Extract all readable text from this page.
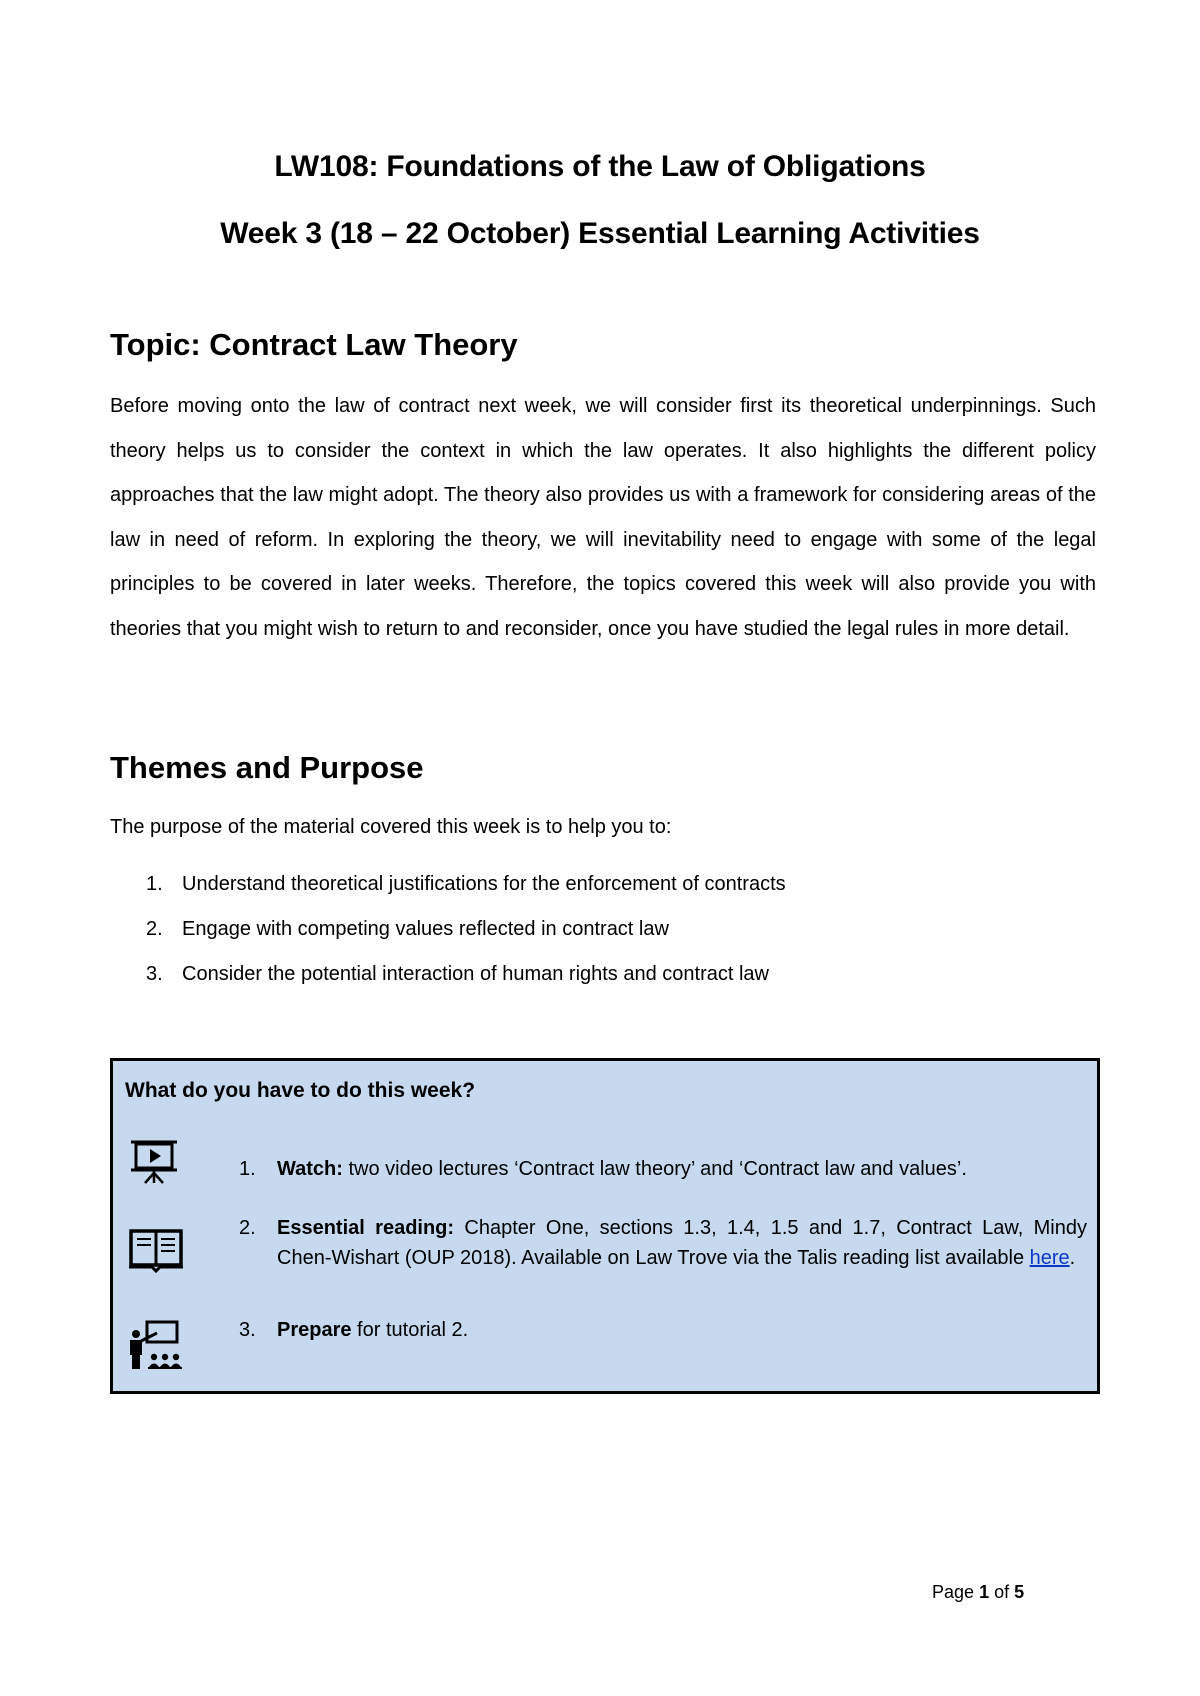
LW108: Foundations of the Law of Obligations
Week 3 (18 – 22 October) Essential Learning Activities
Topic: Contract Law Theory
Before moving onto the law of contract next week, we will consider first its theoretical underpinnings. Such theory helps us to consider the context in which the law operates. It also highlights the different policy approaches that the law might adopt. The theory also provides us with a framework for considering areas of the law in need of reform. In exploring the theory, we will inevitability need to engage with some of the legal principles to be covered in later weeks. Therefore, the topics covered this week will also provide you with theories that you might wish to return to and reconsider, once you have studied the legal rules in more detail.
Themes and Purpose
The purpose of the material covered this week is to help you to:
1. Understand theoretical justifications for the enforcement of contracts
2. Engage with competing values reflected in contract law
3. Consider the potential interaction of human rights and contract law
What do you have to do this week?
1. Watch: two video lectures ‘Contract law theory’ and ‘Contract law and values’.
2. Essential reading: Chapter One, sections 1.3, 1.4, 1.5 and 1.7, Contract Law, Mindy Chen-Wishart (OUP 2018). Available on Law Trove via the Talis reading list available here.
3. Prepare for tutorial 2.
Page 1 of 5
